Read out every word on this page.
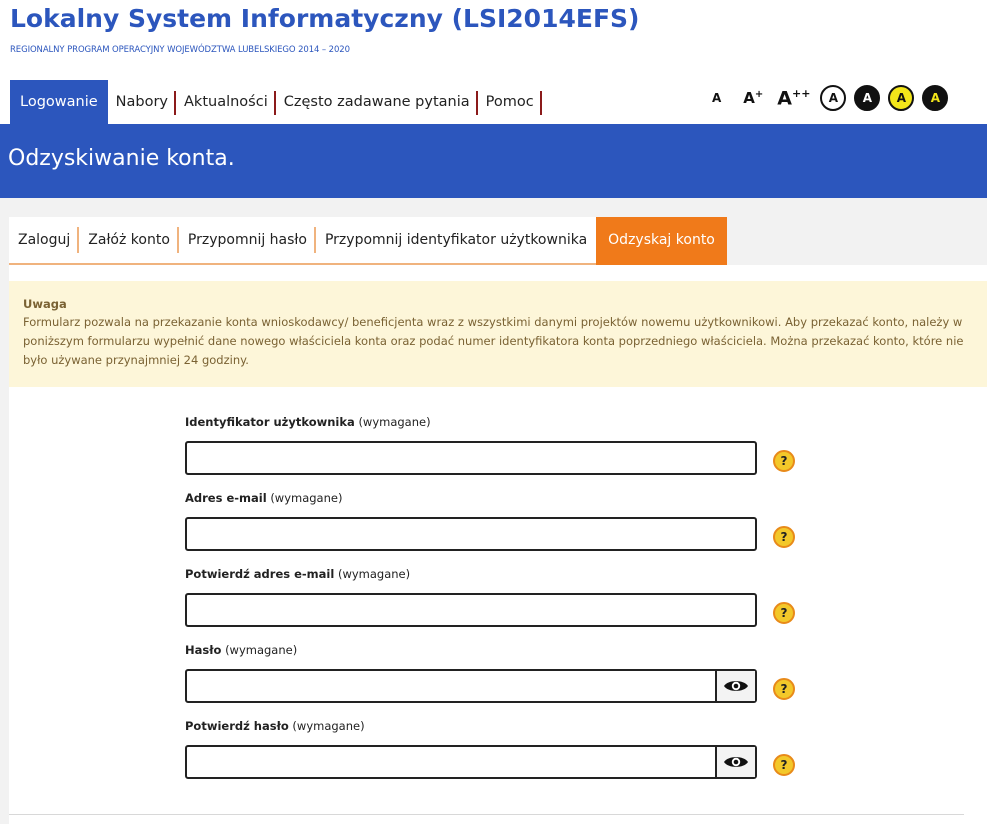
Lokalny System Informatyczny (LSI2014EFS)
REGIONALNY PROGRAM OPERACYJNY WOJEWÓDZTWA LUBELSKIEGO 2014 – 2020
Logowanie	Nabory	Aktualności	Często zadawane pytania	Pomoc	A A+ A++	A	A	A	A
Odzyskiwanie konta.
Zaloguj	Załóż konto	Przypomnij hasło	Przypomnij identyfikator użytkownika	Odzyskaj konto
Uwaga
Formularz pozwala na przekazanie konta wnioskodawcy/ beneficjenta wraz z wszystkimi danymi projektów nowemu użytkownikowi. Aby przekazać konto, należy w poniższym formularzu wypełnić dane nowego właściciela konta oraz podać numer identyfikatora konta poprzedniego właściciela. Można przekazać konto, które nie było używane przynajmniej 24 godziny.
Identyfikator użytkownika (wymagane)
?
Adres e-mail (wymagane)
?
Potwierdź adres e-mail (wymagane)
?
Hasło (wymagane)
?
Potwierdź hasło (wymagane)
?
